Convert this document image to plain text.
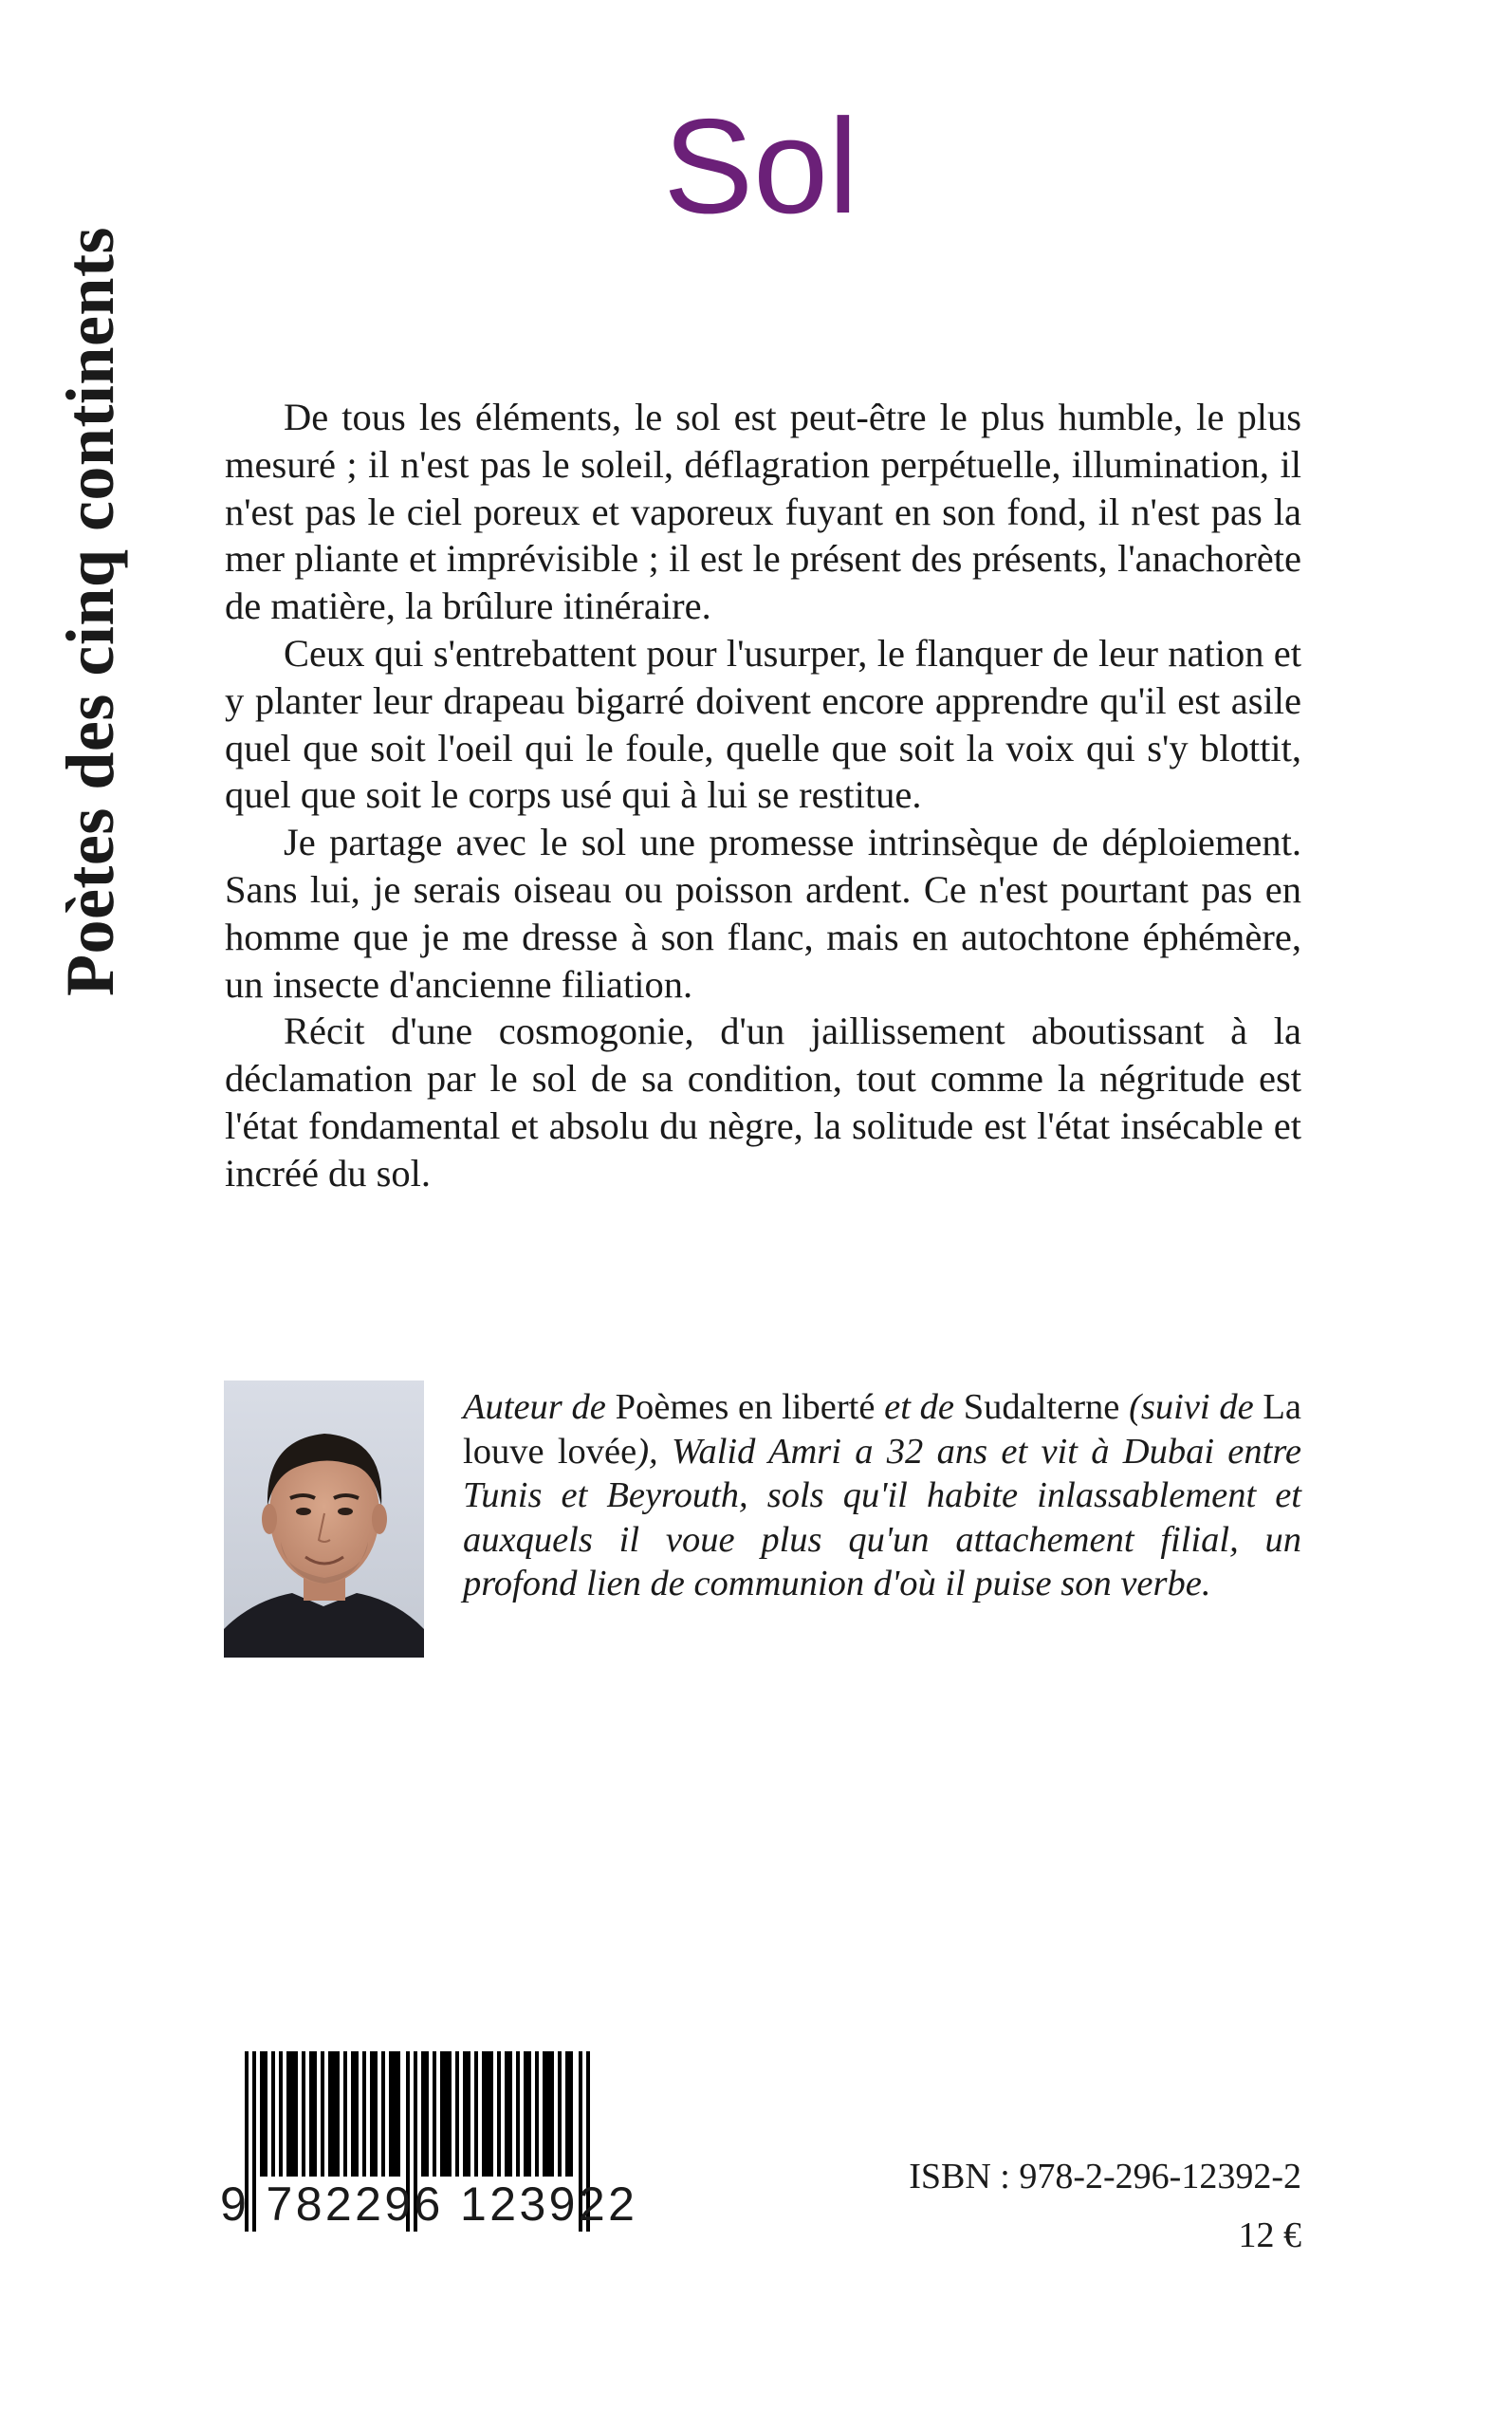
Poètes des cinq continents
Sol

De tous les éléments, le sol est peut-être le plus humble, le plus mesuré ; il n'est pas le soleil, déflagration perpétuelle, illumination, il n'est pas le ciel poreux et vaporeux fuyant en son fond, il n'est pas la mer pliante et imprévisible ; il est le présent des présents, l'anachorète de matière, la brûlure itinéraire.

Ceux qui s'entrebattent pour l'usurper, le flanquer de leur nation et y planter leur drapeau bigarré doivent encore apprendre qu'il est asile quel que soit l'oeil qui le foule, quelle que soit la voix qui s'y blottit, quel que soit le corps usé qui à lui se restitue.

Je partage avec le sol une promesse intrinsèque de déploiement. Sans lui, je serais oiseau ou poisson ardent. Ce n'est pourtant pas en homme que je me dresse à son flanc, mais en autochtone éphémère, un insecte d'ancienne filiation.

Récit d'une cosmogonie, d'un jaillissement aboutissant à la déclamation par le sol de sa condition, tout comme la négritude est l'état fondamental et absolu du nègre, la solitude est l'état insécable et incréé du sol.

Auteur de Poèmes en liberté et de Sudalterne (suivi de La louve lovée), Walid Amri a 32 ans et vit à Dubai entre Tunis et Beyrouth, sols qu'il habite inlassablement et auxquels il voue plus qu'un attachement filial, un profond lien de communion d'où il puise son verbe.

9 782296 123922
ISBN : 978-2-296-12392-2
12 €
